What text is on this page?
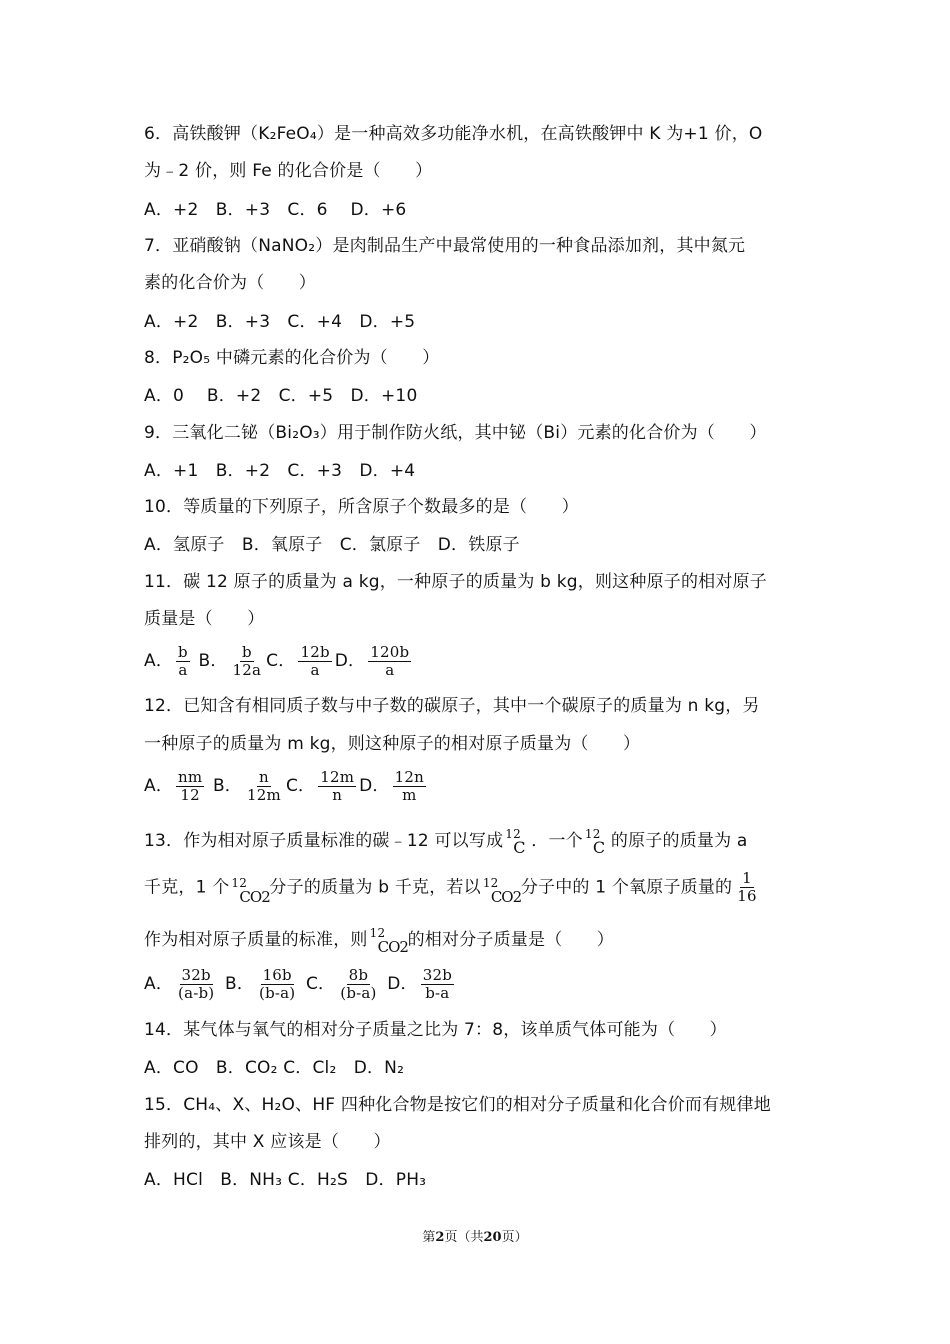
6．高铁酸钾（K₂FeO₄）是一种高效多功能净水机，在高铁酸钾中 K 为+1 价，O
为﹣2 价，则 Fe 的化合价是（　　）
A．+2　B．+3　C．6　 D．+6
7．亚硝酸钠（NaNO₂）是肉制品生产中最常使用的一种食品添加剂，其中氮元
素的化合价为（　　）
A．+2　B．+3　C．+4　D．+5
8．P₂O₅ 中磷元素的化合价为（　　）
A．0　 B．+2　C．+5　D．+10
9．三氧化二铋（Bi₂O₃）用于制作防火纸，其中铋（Bi）元素的化合价为（　　）
A．+1　B．+2　C．+3　D．+4
10．等质量的下列原子，所含原子个数最多的是（　　）
A．氢原子　B．氧原子　C．氯原子　D．铁原子
11．碳 12 原子的质量为 a kg，一种原子的质量为 b kg，则这种原子的相对原子
质量是（　　）
A． $\frac{b}{a}$ B． $\frac{b}{12a}$ C． $\frac{12b}{a}$ D． $\frac{120b}{a}$
12．已知含有相同质子数与中子数的碳原子，其中一个碳原子的质量为 n kg，另
一种原子的质量为 m kg，则这种原子的相对原子质量为（　　）
A． $\frac{nm}{12}$ B． $\frac{n}{12m}$ C． $\frac{12m}{n}$ D． $\frac{12n}{m}$
13．作为相对原子质量标准的碳﹣12 可以写成 12
C ．一个 12
C 的原子的质量为 a
千克，1 个 12
CO2 分子的质量为 b 千克，若以 12
CO2 分子中的 1 个氧原子质量的 $\frac{1}{16}$
作为相对原子质量的标准，则 12
CO2 的相对分子质量是（　　）
A． $\frac{32b}{(a-b)}$ B． $\frac{16b}{(b-a)}$ C． $\frac{8b}{(b-a)}$ D． $\frac{32b}{b-a}$
14．某气体与氧气的相对分子质量之比为 7：8，该单质气体可能为（　　）
A．CO　B．CO₂ C．Cl₂　D．N₂
15．CH₄、X、H₂O、HF 四种化合物是按它们的相对分子质量和化合价而有规律地
排列的，其中 X 应该是（　　）
A．HCl　B．NH₃ C．H₂S　D．PH₃
第2页（共20页）
